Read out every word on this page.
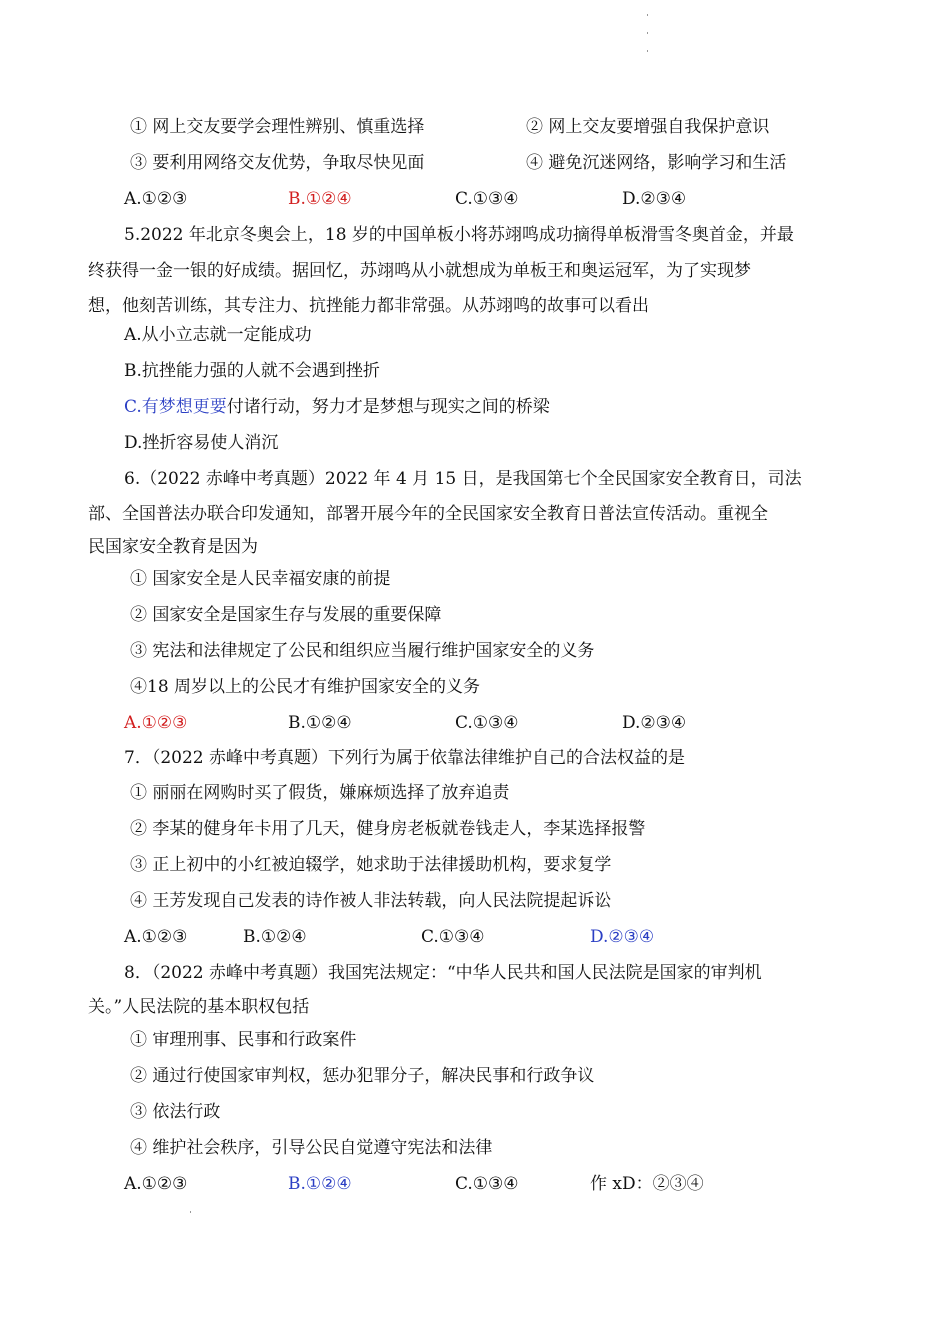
① 网上交友要学会理性辨别、慎重选择	② 网上交友要增强自我保护意识
③ 要利用网络交友优势，争取尽快见面	④ 避免沉迷网络，影响学习和生活
A.①②③	B.①②④	C.①③④	D.②③④
5.2022 年北京冬奥会上，18 岁的中国单板小将苏翊鸣成功摘得单板滑雪冬奥首金，并最
终获得一金一银的好成绩。据回忆，苏翊鸣从小就想成为单板王和奥运冠军，为了实现梦
想，他刻苦训练，其专注力、抗挫能力都非常强。从苏翊鸣的故事可以看出
A.从小立志就一定能成功
B.抗挫能力强的人就不会遇到挫折
C.有梦想更要付诸行动，努力才是梦想与现实之间的桥梁
D.挫折容易使人消沉
6.（2022 赤峰中考真题）2022 年 4 月 15 日，是我国第七个全民国家安全教育日，司法
部、全国普法办联合印发通知，部署开展今年的全民国家安全教育日普法宣传活动。重视全
民国家安全教育是因为
① 国家安全是人民幸福安康的前提
② 国家安全是国家生存与发展的重要保障
③ 宪法和法律规定了公民和组织应当履行维护国家安全的义务
④18 周岁以上的公民才有维护国家安全的义务
A.①②③	B.①②④	C.①③④	D.②③④
7．（2022 赤峰中考真题）下列行为属于依靠法律维护自己的合法权益的是
① 丽丽在网购时买了假货，嫌麻烦选择了放弃追责
② 李某的健身年卡用了几天，健身房老板就卷钱走人，李某选择报警
③ 正上初中的小红被迫辍学，她求助于法律援助机构，要求复学
④ 王芳发现自己发表的诗作被人非法转载，向人民法院提起诉讼
A.①②③	B.①②④	C.①③④	D.②③④
8．（2022 赤峰中考真题）我国宪法规定：“中华人民共和国人民法院是国家的审判机
关。”人民法院的基本职权包括
① 审理刑事、民事和行政案件
② 通过行使国家审判权，惩办犯罪分子，解决民事和行政争议
③ 依法行政
④ 维护社会秩序，引导公民自觉遵守宪法和法律
A.①②③	B.①②④	C.①③④	作 xD：②③④
